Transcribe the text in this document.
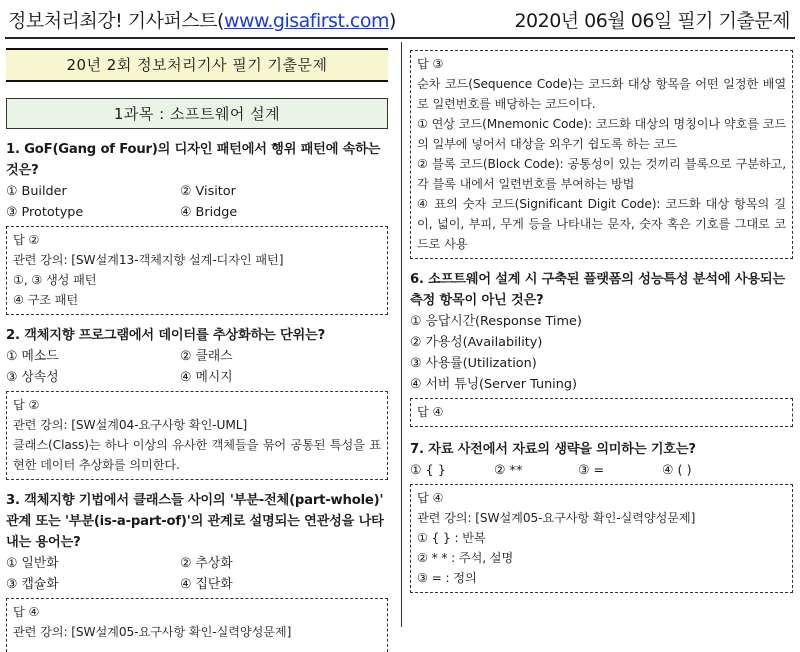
정보처리최강! 기사퍼스트(www.gisafirst.com)	2020년 06월 06일 필기 기출문제
20년 2회 정보처리기사 필기 기출문제
1과목 : 소프트웨어 설계
1. GoF(Gang of Four)의 디자인 패턴에서 행위 패턴에 속하는 것은?
① Builder	② Visitor
③ Prototype	④ Bridge
답 ②
관련 강의: [SW설계13-객체지향 설계-디자인 패턴]
①, ③ 생성 패턴
④ 구조 패턴
2. 객체지향 프로그램에서 데이터를 추상화하는 단위는?
① 메소드	② 클래스
③ 상속성	④ 메시지
답 ②
관련 강의: [SW설계04-요구사항 확인-UML]
클래스(Class)는 하나 이상의 유사한 객체들을 묶어 공통된 특성을 표현한 데이터 추상화를 의미한다.
3. 객체지향 기법에서 클래스들 사이의 '부분-전체(part-whole)' 관계 또는 '부분(is-a-part-of)'의 관계로 설명되는 연관성을 나타내는 용어는?
① 일반화	② 추상화
③ 캡슐화	④ 집단화
답 ④
관련 강의: [SW설계05-요구사항 확인-실력양성문제]
답 ③
순차 코드(Sequence Code)는 코드화 대상 항목을 어떤 일정한 배열로 일련번호를 배당하는 코드이다.
① 연상 코드(Mnemonic Code): 코드화 대상의 명칭이나 약호를 코드의 일부에 넣어서 대상을 외우기 쉽도록 하는 코드
② 블록 코드(Block Code): 공통성이 있는 것끼리 블록으로 구분하고, 각 블록 내에서 일련번호를 부여하는 방법
④ 표의 숫자 코드(Significant Digit Code): 코드화 대상 항목의 길이, 넓이, 부피, 무게 등을 나타내는 문자, 숫자 혹은 기호를 그대로 코드로 사용
6. 소프트웨어 설계 시 구축된 플랫폼의 성능특성 분석에 사용되는 측정 항목이 아닌 것은?
① 응답시간(Response Time)
② 가용성(Availability)
③ 사용률(Utilization)
④ 서버 튜닝(Server Tuning)
답 ④
7. 자료 사전에서 자료의 생략을 의미하는 기호는?
① { }	② **	③ =	④ ( )
답 ④
관련 강의: [SW설계05-요구사항 확인-실력양성문제]
① { } : 반복
② * * : 주석, 설명
③ = : 정의
